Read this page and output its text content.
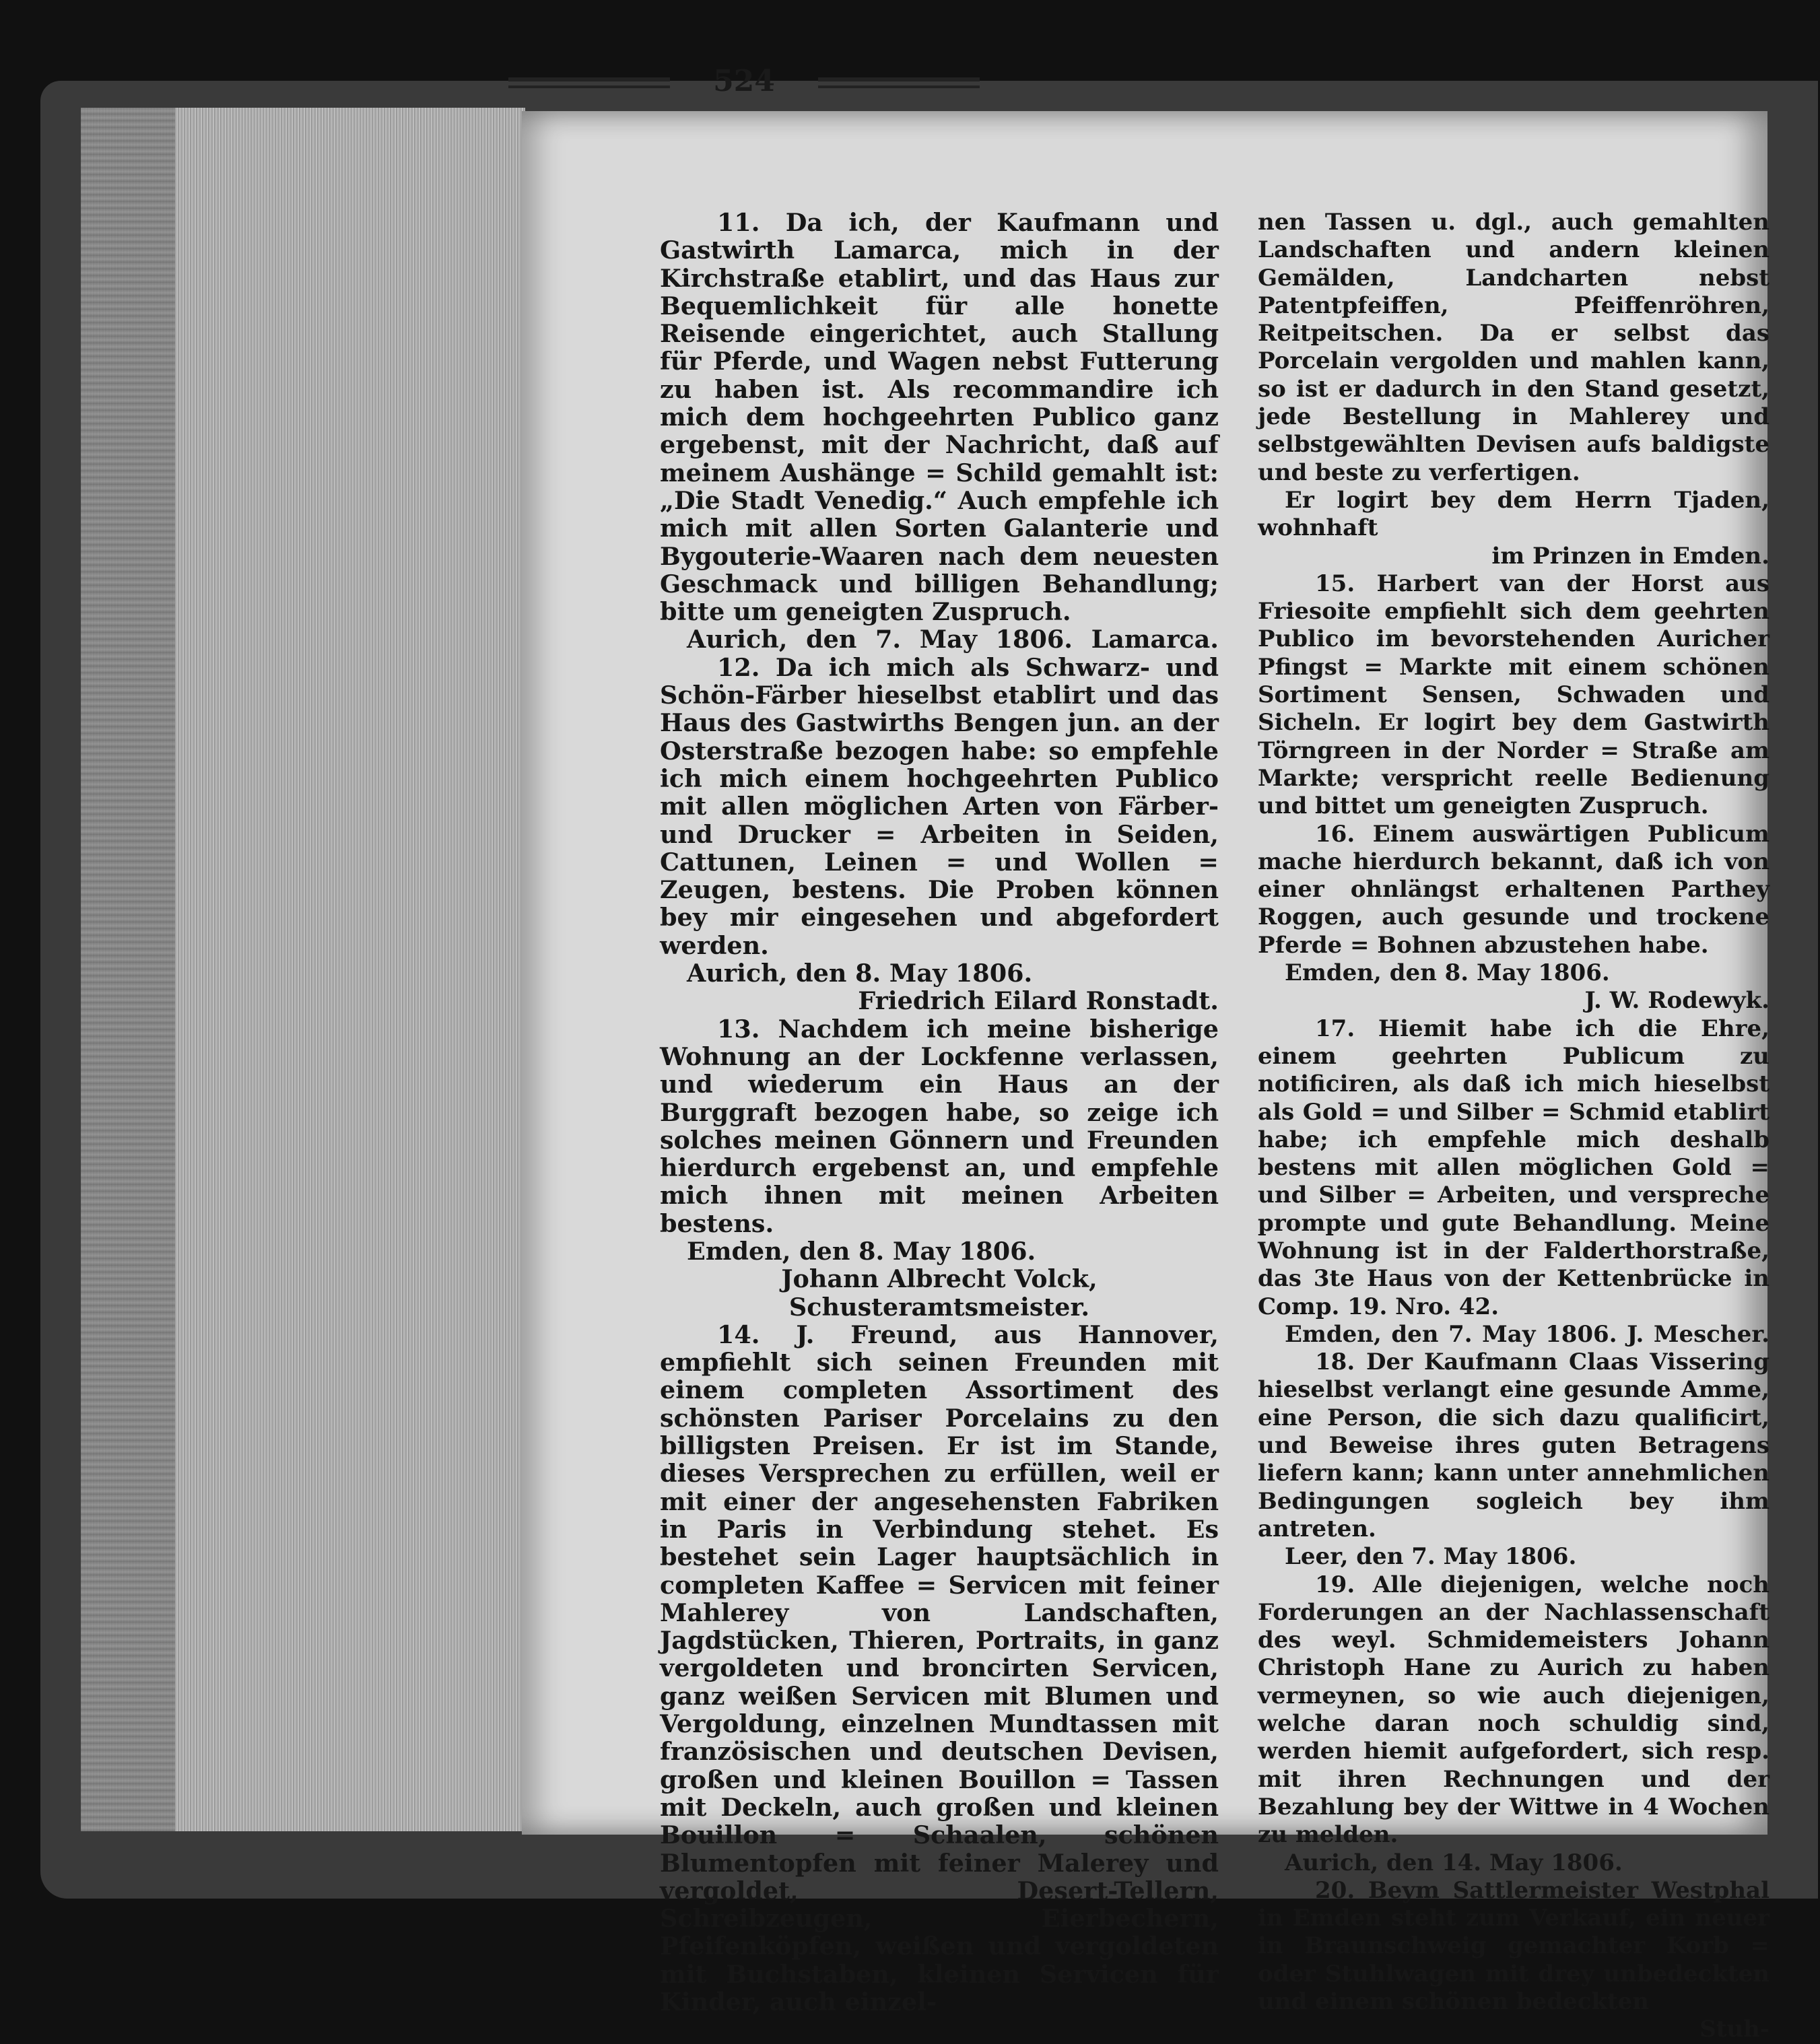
524

11. Da ich, der Kaufmann und Gastwirth Lamarca, mich in der Kirchstraße etablirt, und das Haus zur Bequemlichkeit für alle honette Reisende eingerichtet, auch Stallung für Pferde, und Wagen nebst Futterung zu haben ist. Als recommandire ich mich dem hochgeehrten Publico ganz ergebenst, mit der Nachricht, daß auf meinem Aushänge = Schild gemahlt ist: „Die Stadt Venedig.“ Auch empfehle ich mich mit allen Sorten Galanterie und Bygouterie-Waaren nach dem neuesten Geschmack und billigen Behandlung; bitte um geneigten Zuspruch.

Aurich, den 7. May 1806. Lamarca.

12. Da ich mich als Schwarz- und Schön-Färber hieselbst etablirt und das Haus des Gastwirths Bengen jun. an der Osterstraße bezogen habe: so empfehle ich mich einem hochgeehrten Publico mit allen möglichen Arten von Färber- und Drucker = Arbeiten in Seiden, Cattunen, Leinen = und Wollen = Zeugen, bestens. Die Proben können bey mir eingesehen und abgefordert werden.

Aurich, den 8. May 1806.

Friedrich Eilard Ronstadt.

13. Nachdem ich meine bisherige Wohnung an der Lockfenne verlassen, und wiederum ein Haus an der Burggraft bezogen habe, so zeige ich solches meinen Gönnern und Freunden hierdurch ergebenst an, und empfehle mich ihnen mit meinen Arbeiten bestens.

Emden, den 8. May 1806.

Johann Albrecht Volck, Schusteramtsmeister.

14. J. Freund, aus Hannover, empfiehlt sich seinen Freunden mit einem completen Assortiment des schönsten Pariser Porcelains zu den billigsten Preisen. Er ist im Stande, dieses Versprechen zu erfüllen, weil er mit einer der angesehensten Fabriken in Paris in Verbindung stehet. Es bestehet sein Lager hauptsächlich in completen Kaffee = Servicen mit feiner Mahlerey von Landschaften, Jagdstücken, Thieren, Portraits, in ganz vergoldeten und broncirten Servicen, ganz weißen Servicen mit Blumen und Vergoldung, einzelnen Mundtassen mit französischen und deutschen Devisen, großen und kleinen Bouillon = Tassen mit Deckeln, auch großen und kleinen Bouillon = Schaalen, schönen Blumentopfen mit feiner Malerey und vergoldet, Desert-Tellern, Schreibzeugen, Eierbechern, Pfeifenköpfen, weißen und vergoldeten mit Buchstaben, kleinen Servicen für Kinder, auch einzel-

nen Tassen u. dgl., auch gemahlten Landschaften und andern kleinen Gemälden, Landcharten nebst Patentpfeiffen, Pfeiffenröhren, Reitpeitschen. Da er selbst das Porcelain vergolden und mahlen kann, so ist er dadurch in den Stand gesetzt, jede Bestellung in Mahlerey und selbstgewählten Devisen aufs baldigste und beste zu verfertigen.

Er logirt bey dem Herrn Tjaden, wohnhaft

im Prinzen in Emden.

15. Harbert van der Horst aus Friesoite empfiehlt sich dem geehrten Publico im bevorstehenden Auricher Pfingst = Markte mit einem schönen Sortiment Sensen, Schwaden und Sicheln. Er logirt bey dem Gastwirth Törngreen in der Norder = Straße am Markte; verspricht reelle Bedienung und bittet um geneigten Zuspruch.

16. Einem auswärtigen Publicum mache hierdurch bekannt, daß ich von einer ohnlängst erhaltenen Parthey Roggen, auch gesunde und trockene Pferde = Bohnen abzustehen habe.

Emden, den 8. May 1806.

J. W. Rodewyk.

17. Hiemit habe ich die Ehre, einem geehrten Publicum zu notificiren, als daß ich mich hieselbst als Gold = und Silber = Schmid etablirt habe; ich empfehle mich deshalb bestens mit allen möglichen Gold = und Silber = Arbeiten, und verspreche prompte und gute Behandlung. Meine Wohnung ist in der Falderthorstraße, das 3te Haus von der Kettenbrücke in Comp. 19. Nro. 42.

Emden, den 7. May 1806. J. Mescher.

18. Der Kaufmann Claas Vissering hieselbst verlangt eine gesunde Amme, eine Person, die sich dazu qualificirt, und Beweise ihres guten Betragens liefern kann; kann unter annehmlichen Bedingungen sogleich bey ihm antreten.

Leer, den 7. May 1806.

19. Alle diejenigen, welche noch Forderungen an der Nachlassenschaft des weyl. Schmidemeisters Johann Christoph Hane zu Aurich zu haben vermeynen, so wie auch diejenigen, welche daran noch schuldig sind, werden hiemit aufgefordert, sich resp. mit ihren Rechnungen und der Bezahlung bey der Wittwe in 4 Wochen zu melden.

Aurich, den 14. May 1806.

20. Beym Sattlermeister Westphal in Emden steht zum Verkauf, ein neuer in Braunschweig gemachter Korb = oder Stuhlwagen mit drey unbedeckten und einem schönen bedeckten

Stuh-
